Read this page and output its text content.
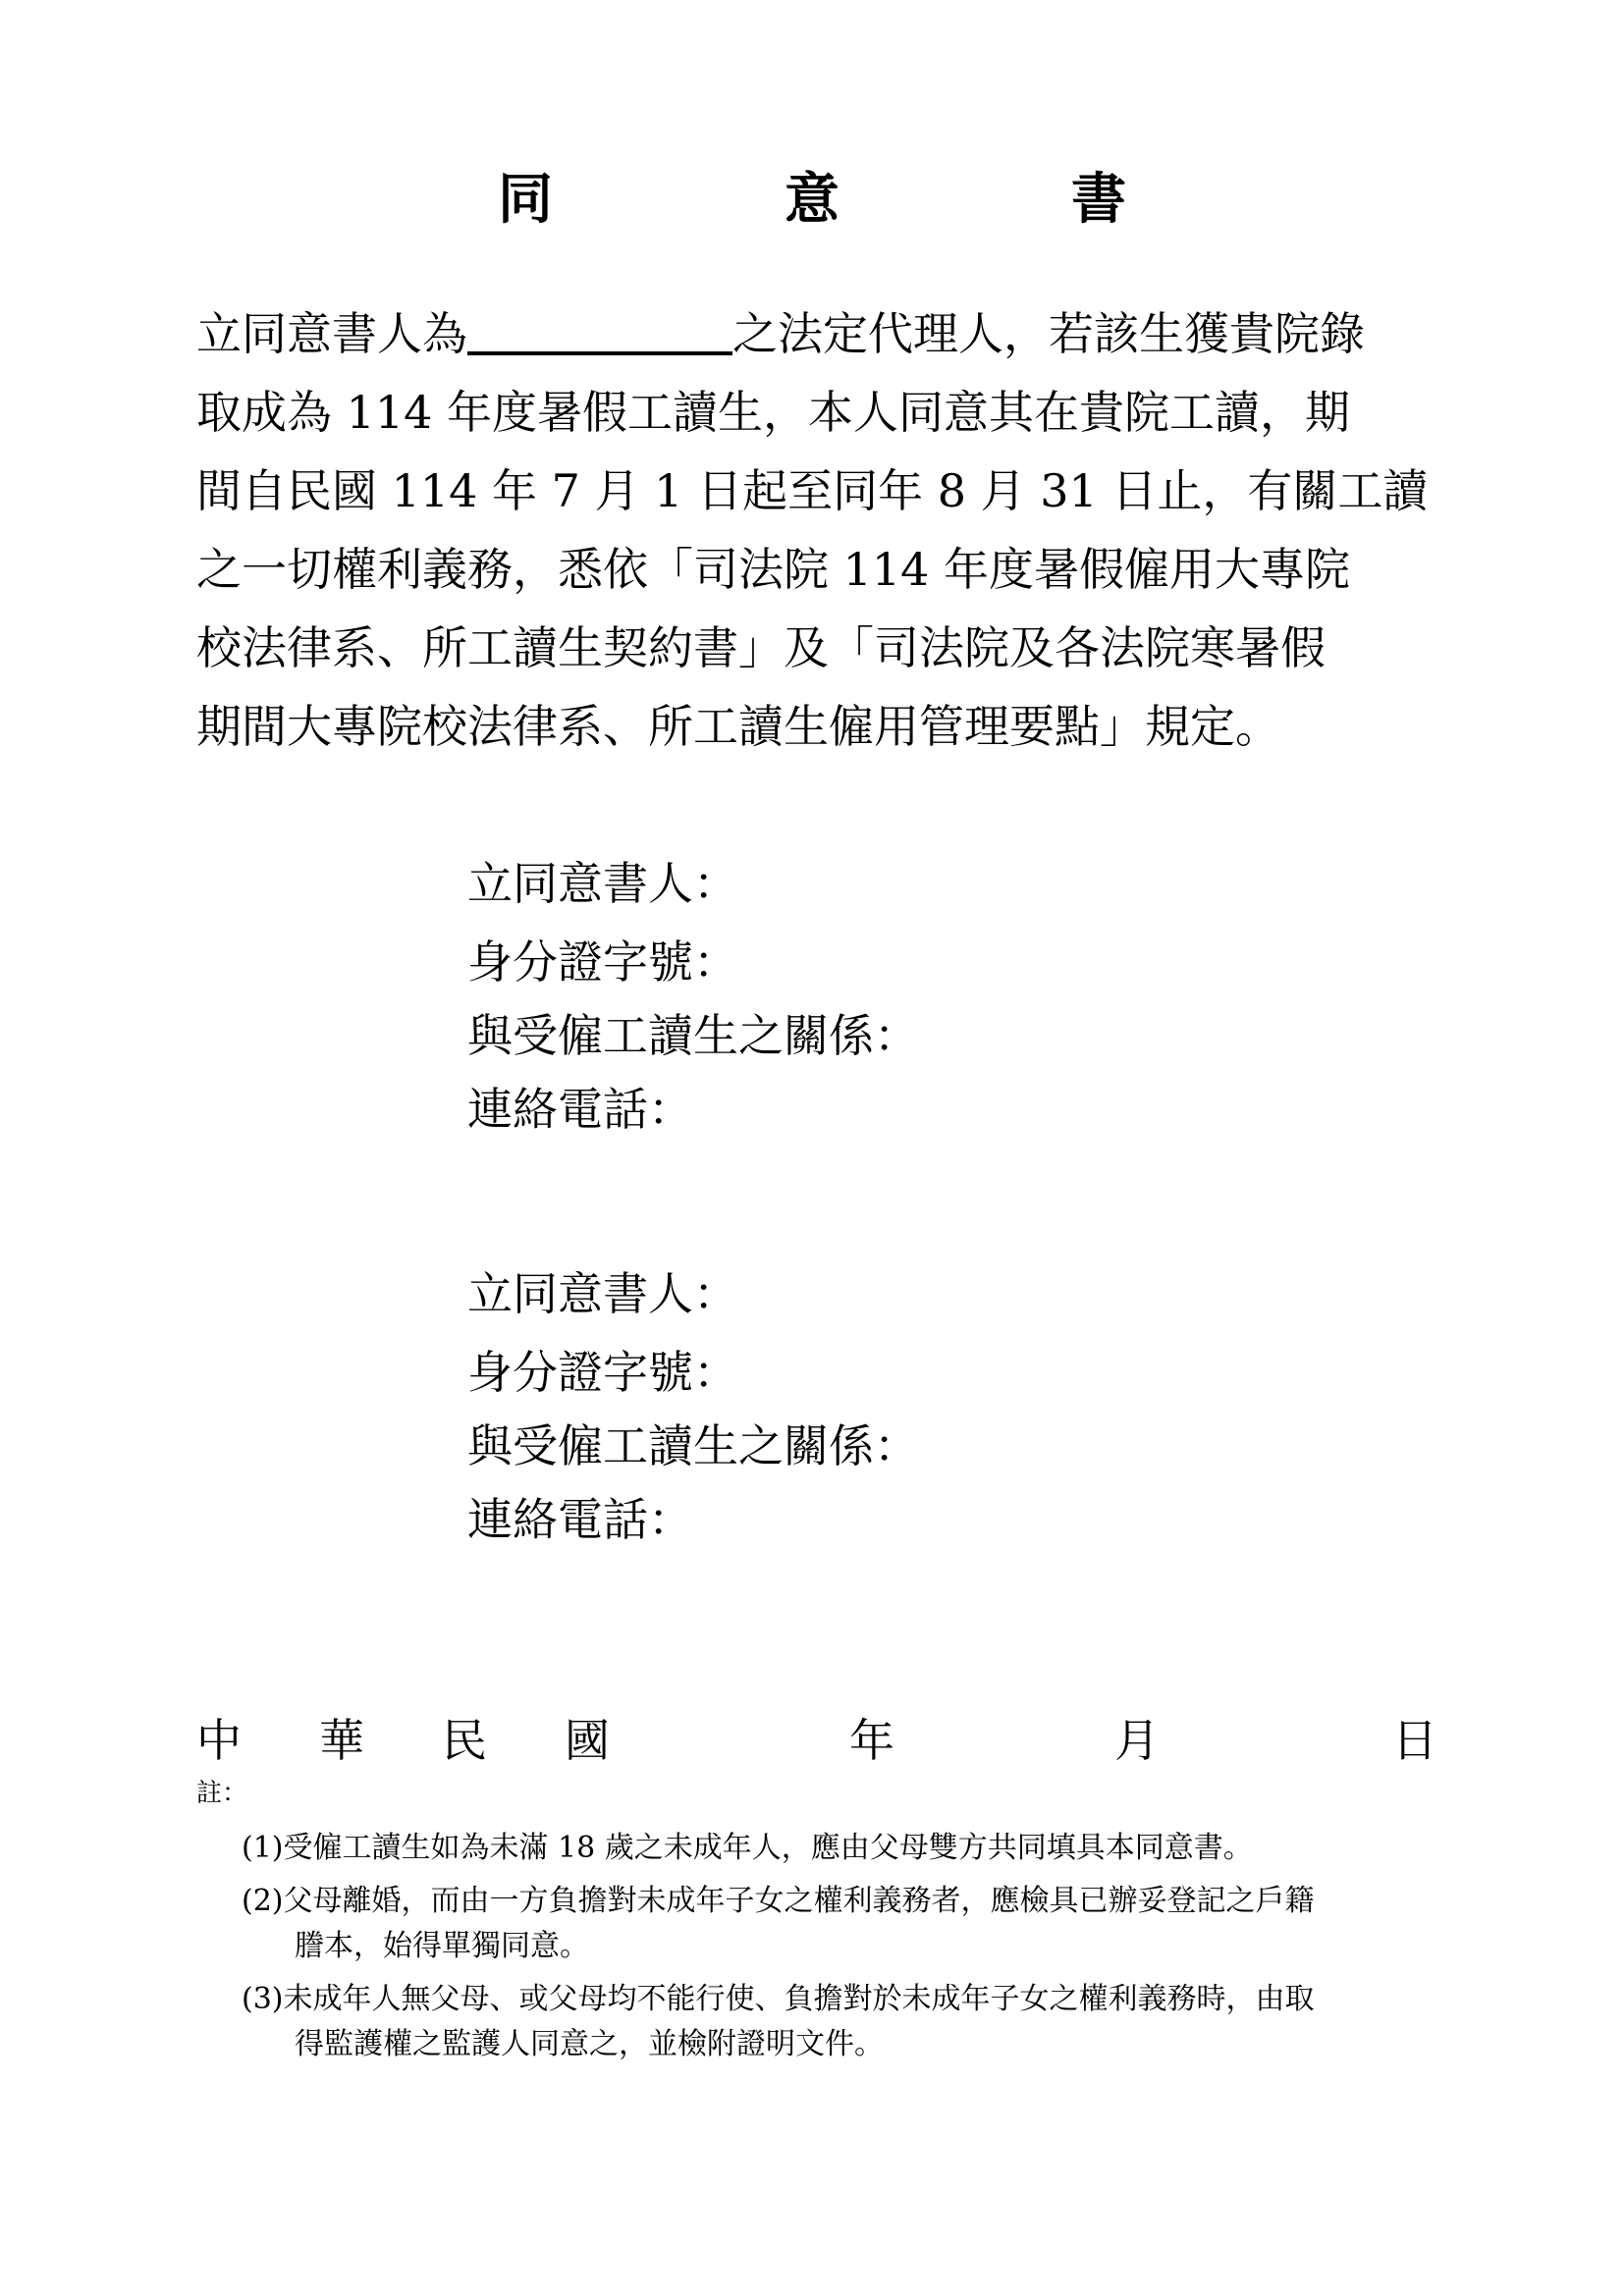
同　意　書
立同意書人為	之法定代理人，若該生獲貴院錄
取成為 114 年度暑假工讀生，本人同意其在貴院工讀，期
間自民國 114 年 7 月 1 日起至同年 8 月 31 日止，有關工讀
之一切權利義務，悉依「司法院 114 年度暑假僱用大專院
校法律系、所工讀生契約書」及「司法院及各法院寒暑假
期間大專院校法律系、所工讀生僱用管理要點」規定。
立同意書人：
身分證字號：
與受僱工讀生之關係：
連絡電話：
立同意書人：
身分證字號：
與受僱工讀生之關係：
連絡電話：
中 華 民 國	年	月	日
註：
(1)受僱工讀生如為未滿 18 歲之未成年人，應由父母雙方共同填具本同意書。
(2)父母離婚，而由一方負擔對未成年子女之權利義務者，應檢具已辦妥登記之戶籍
謄本，始得單獨同意。
(3)未成年人無父母、或父母均不能行使、負擔對於未成年子女之權利義務時，由取
得監護權之監護人同意之，並檢附證明文件。
